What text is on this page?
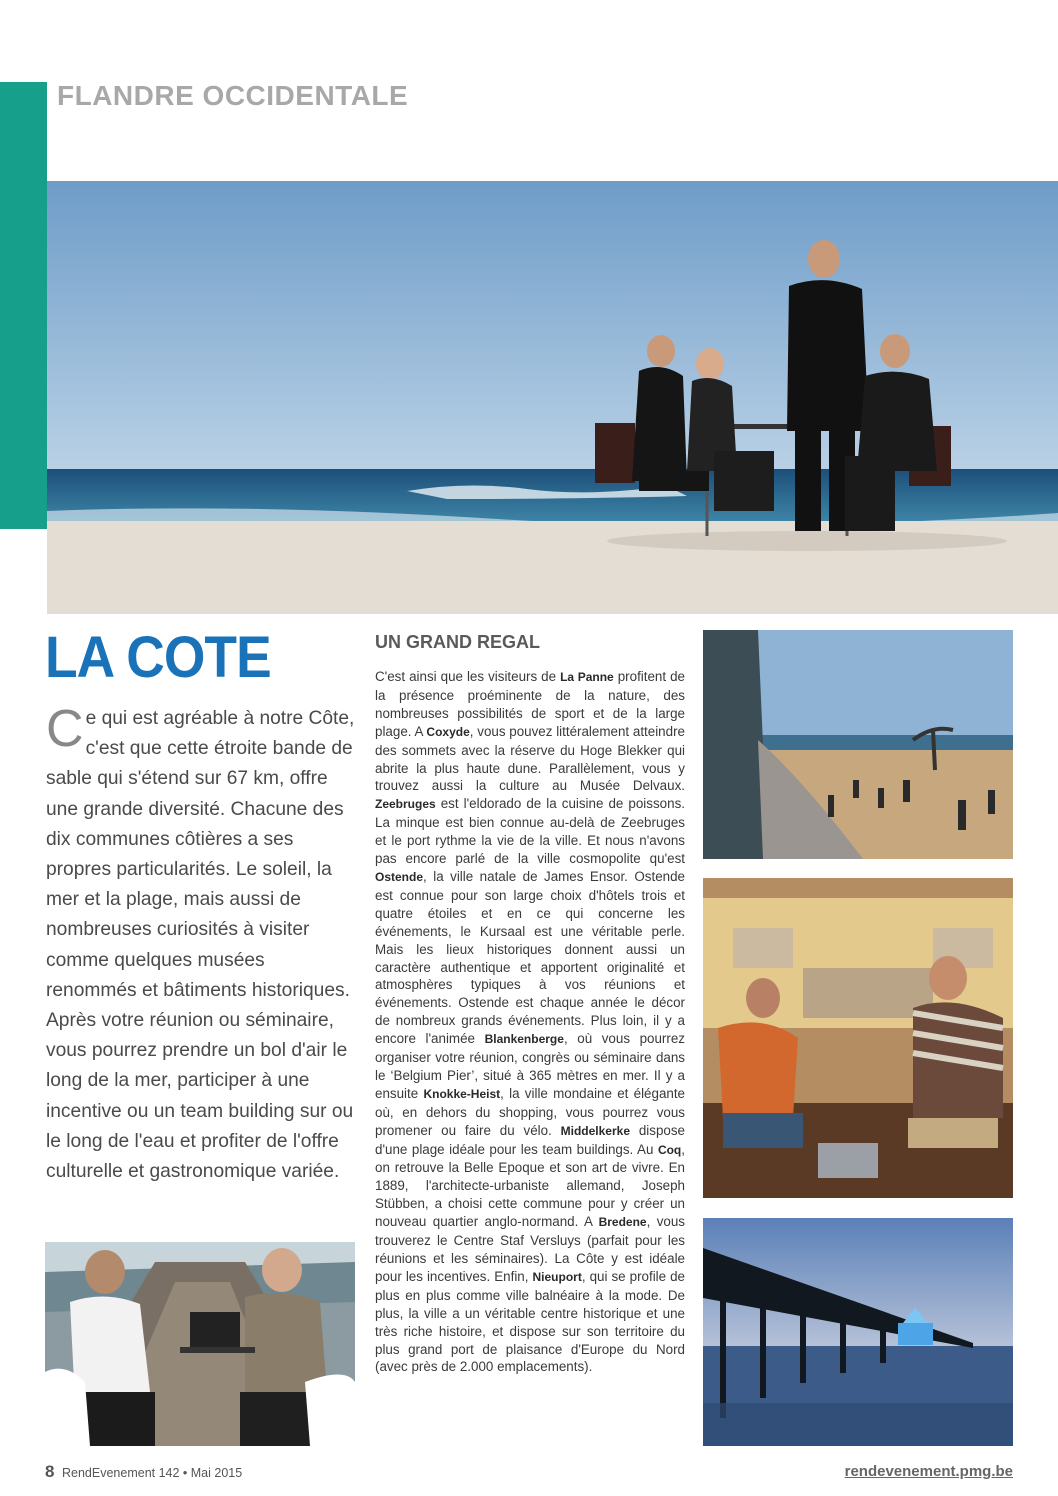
FLANDRE OCCIDENTALE
LA COTE

Ce qui est agréable à notre Côte, c'est que cette étroite bande de sable qui s'étend sur 67 km, offre une grande diversité. Chacune des dix communes côtières a ses propres particularités. Le soleil, la mer et la plage, mais aussi de nombreuses curiosités à visiter comme quelques musées renommés et bâtiments historiques. Après votre réunion ou séminaire, vous pourrez prendre un bol d'air le long de la mer, participer à une incentive ou un team building sur ou le long de l'eau et profiter de l'offre culturelle et gastronomique variée.

UN GRAND REGAL

C'est ainsi que les visiteurs de La Panne profitent de la présence proéminente de la nature, des nombreuses possibilités de sport et de la large plage. A Coxyde, vous pouvez littéralement atteindre des sommets avec la réserve du Hoge Blekker qui abrite la plus haute dune. Parallèlement, vous y trouvez aussi la culture au Musée Delvaux. Zeebruges est l'eldorado de la cuisine de poissons. La minque est bien connue au-delà de Zeebruges et le port rythme la vie de la ville. Et nous n'avons pas encore parlé de la ville cosmopolite qu'est Ostende, la ville natale de James Ensor. Ostende est connue pour son large choix d'hôtels trois et quatre étoiles et en ce qui concerne les événements, le Kursaal est une véritable perle. Mais les lieux historiques donnent aussi un caractère authentique et apportent originalité et atmosphères typiques à vos réunions et événements. Ostende est chaque année le décor de nombreux grands événements. Plus loin, il y a encore l'animée Blankenberge, où vous pourrez organiser votre réunion, congrès ou séminaire dans le ‘Belgium Pier’, situé à 365 mètres en mer. Il y a ensuite Knokke-Heist, la ville mondaine et élégante où, en dehors du shopping, vous pourrez vous promener ou faire du vélo. Middelkerke dispose d'une plage idéale pour les team buildings. Au Coq, on retrouve la Belle Epoque et son art de vivre. En 1889, l'architecte-urbaniste allemand, Joseph Stübben, a choisi cette commune pour y créer un nouveau quartier anglo-normand. A Bredene, vous trouverez le Centre Staf Versluys (parfait pour les réunions et les séminaires). La Côte y est idéale pour les incentives. Enfin, Nieuport, qui se profile de plus en plus comme ville balnéaire à la mode. De plus, la ville a un véritable centre historique et une très riche histoire, et dispose sur son territoire du plus grand port de plaisance d'Europe du Nord (avec près de 2.000 emplacements).

8 RendEvenement 142 • Mai 2015	rendevenement.pmg.be
